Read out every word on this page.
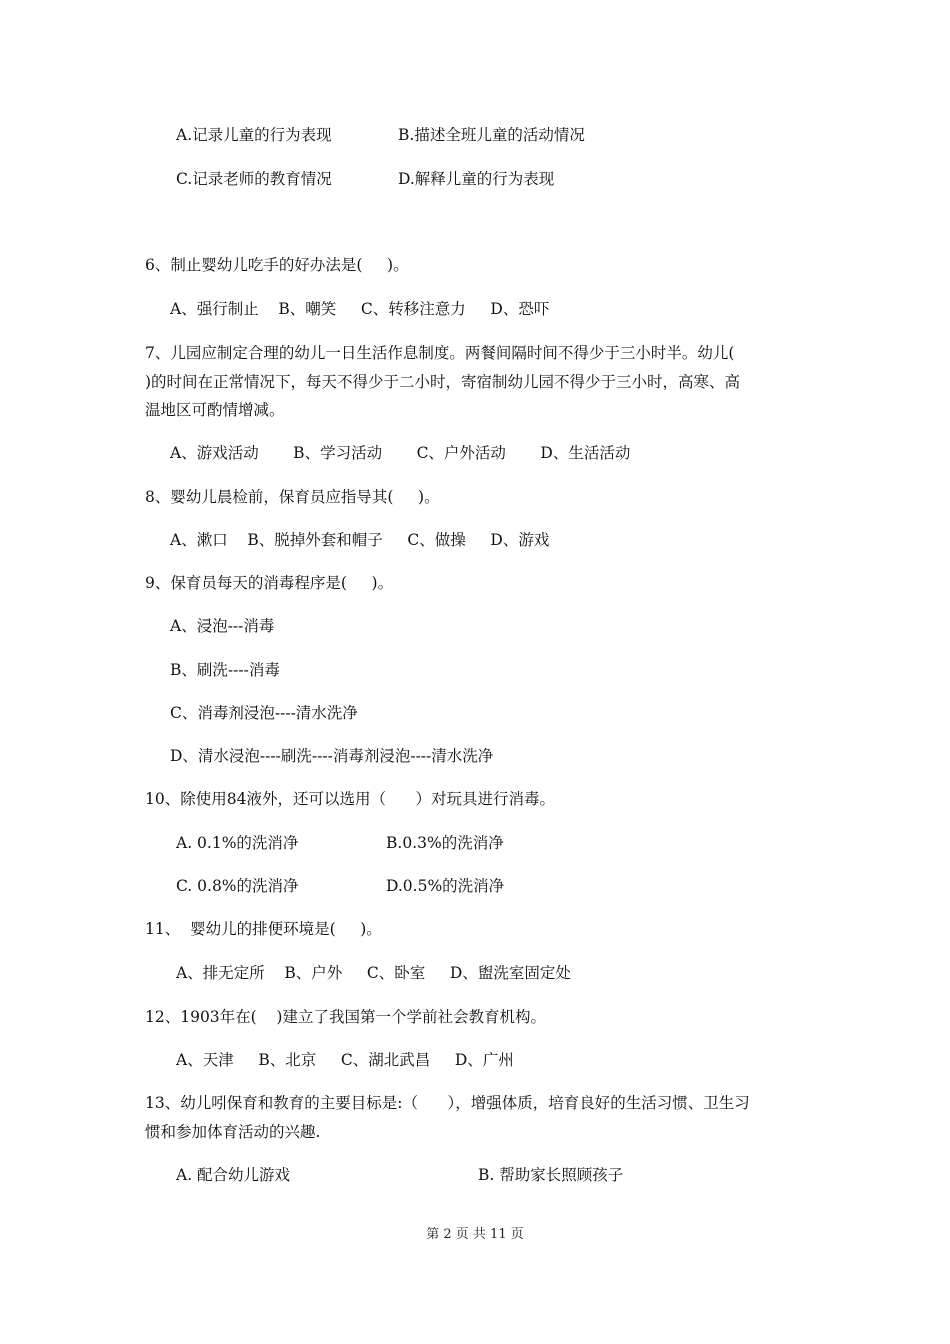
A.记录儿童的行为表现	B.描述全班儿童的活动情况
C.记录老师的教育情况	D.解释儿童的行为表现
6、制止婴幼儿吃手的好办法是(     )。
A、强行制止    B、嘲笑     C、转移注意力     D、恐吓
7、儿园应制定合理的幼儿一日生活作息制度。两餐间隔时间不得少于三小时半。幼儿(
)的时间在正常情况下，每天不得少于二小时，寄宿制幼儿园不得少于三小时，高寒、高
温地区可酌情增减。
A、游戏活动       B、学习活动       C、户外活动       D、生活活动
8、婴幼儿晨检前，保育员应指导其(     )。
A、漱口    B、脱掉外套和帽子     C、做操     D、游戏
9、保育员每天的消毒程序是(     )。
A、浸泡---消毒
B、刷洗----消毒
C、消毒剂浸泡----清水洗净
D、清水浸泡----刷洗----消毒剂浸泡----清水洗净
10、除使用84液外，还可以选用（      ）对玩具进行消毒。
A. 0.1%的洗消净	B.0.3%的洗消净
C. 0.8%的洗消净	D.0.5%的洗消净
11、  婴幼儿的排便环境是(     )。
A、排无定所    B、户外     C、卧室     D、盥洗室固定处
12、1903年在(    )建立了我国第一个学前社会教育机构。
A、天津     B、北京     C、湖北武昌     D、广州
13、幼儿吲保育和教育的主要目标是:（      ），增强体质，培育良好的生活习惯、卫生习
惯和参加体育活动的兴趣.
A. 配合幼儿游戏	B. 帮助家长照顾孩子
第 2 页 共 11 页
